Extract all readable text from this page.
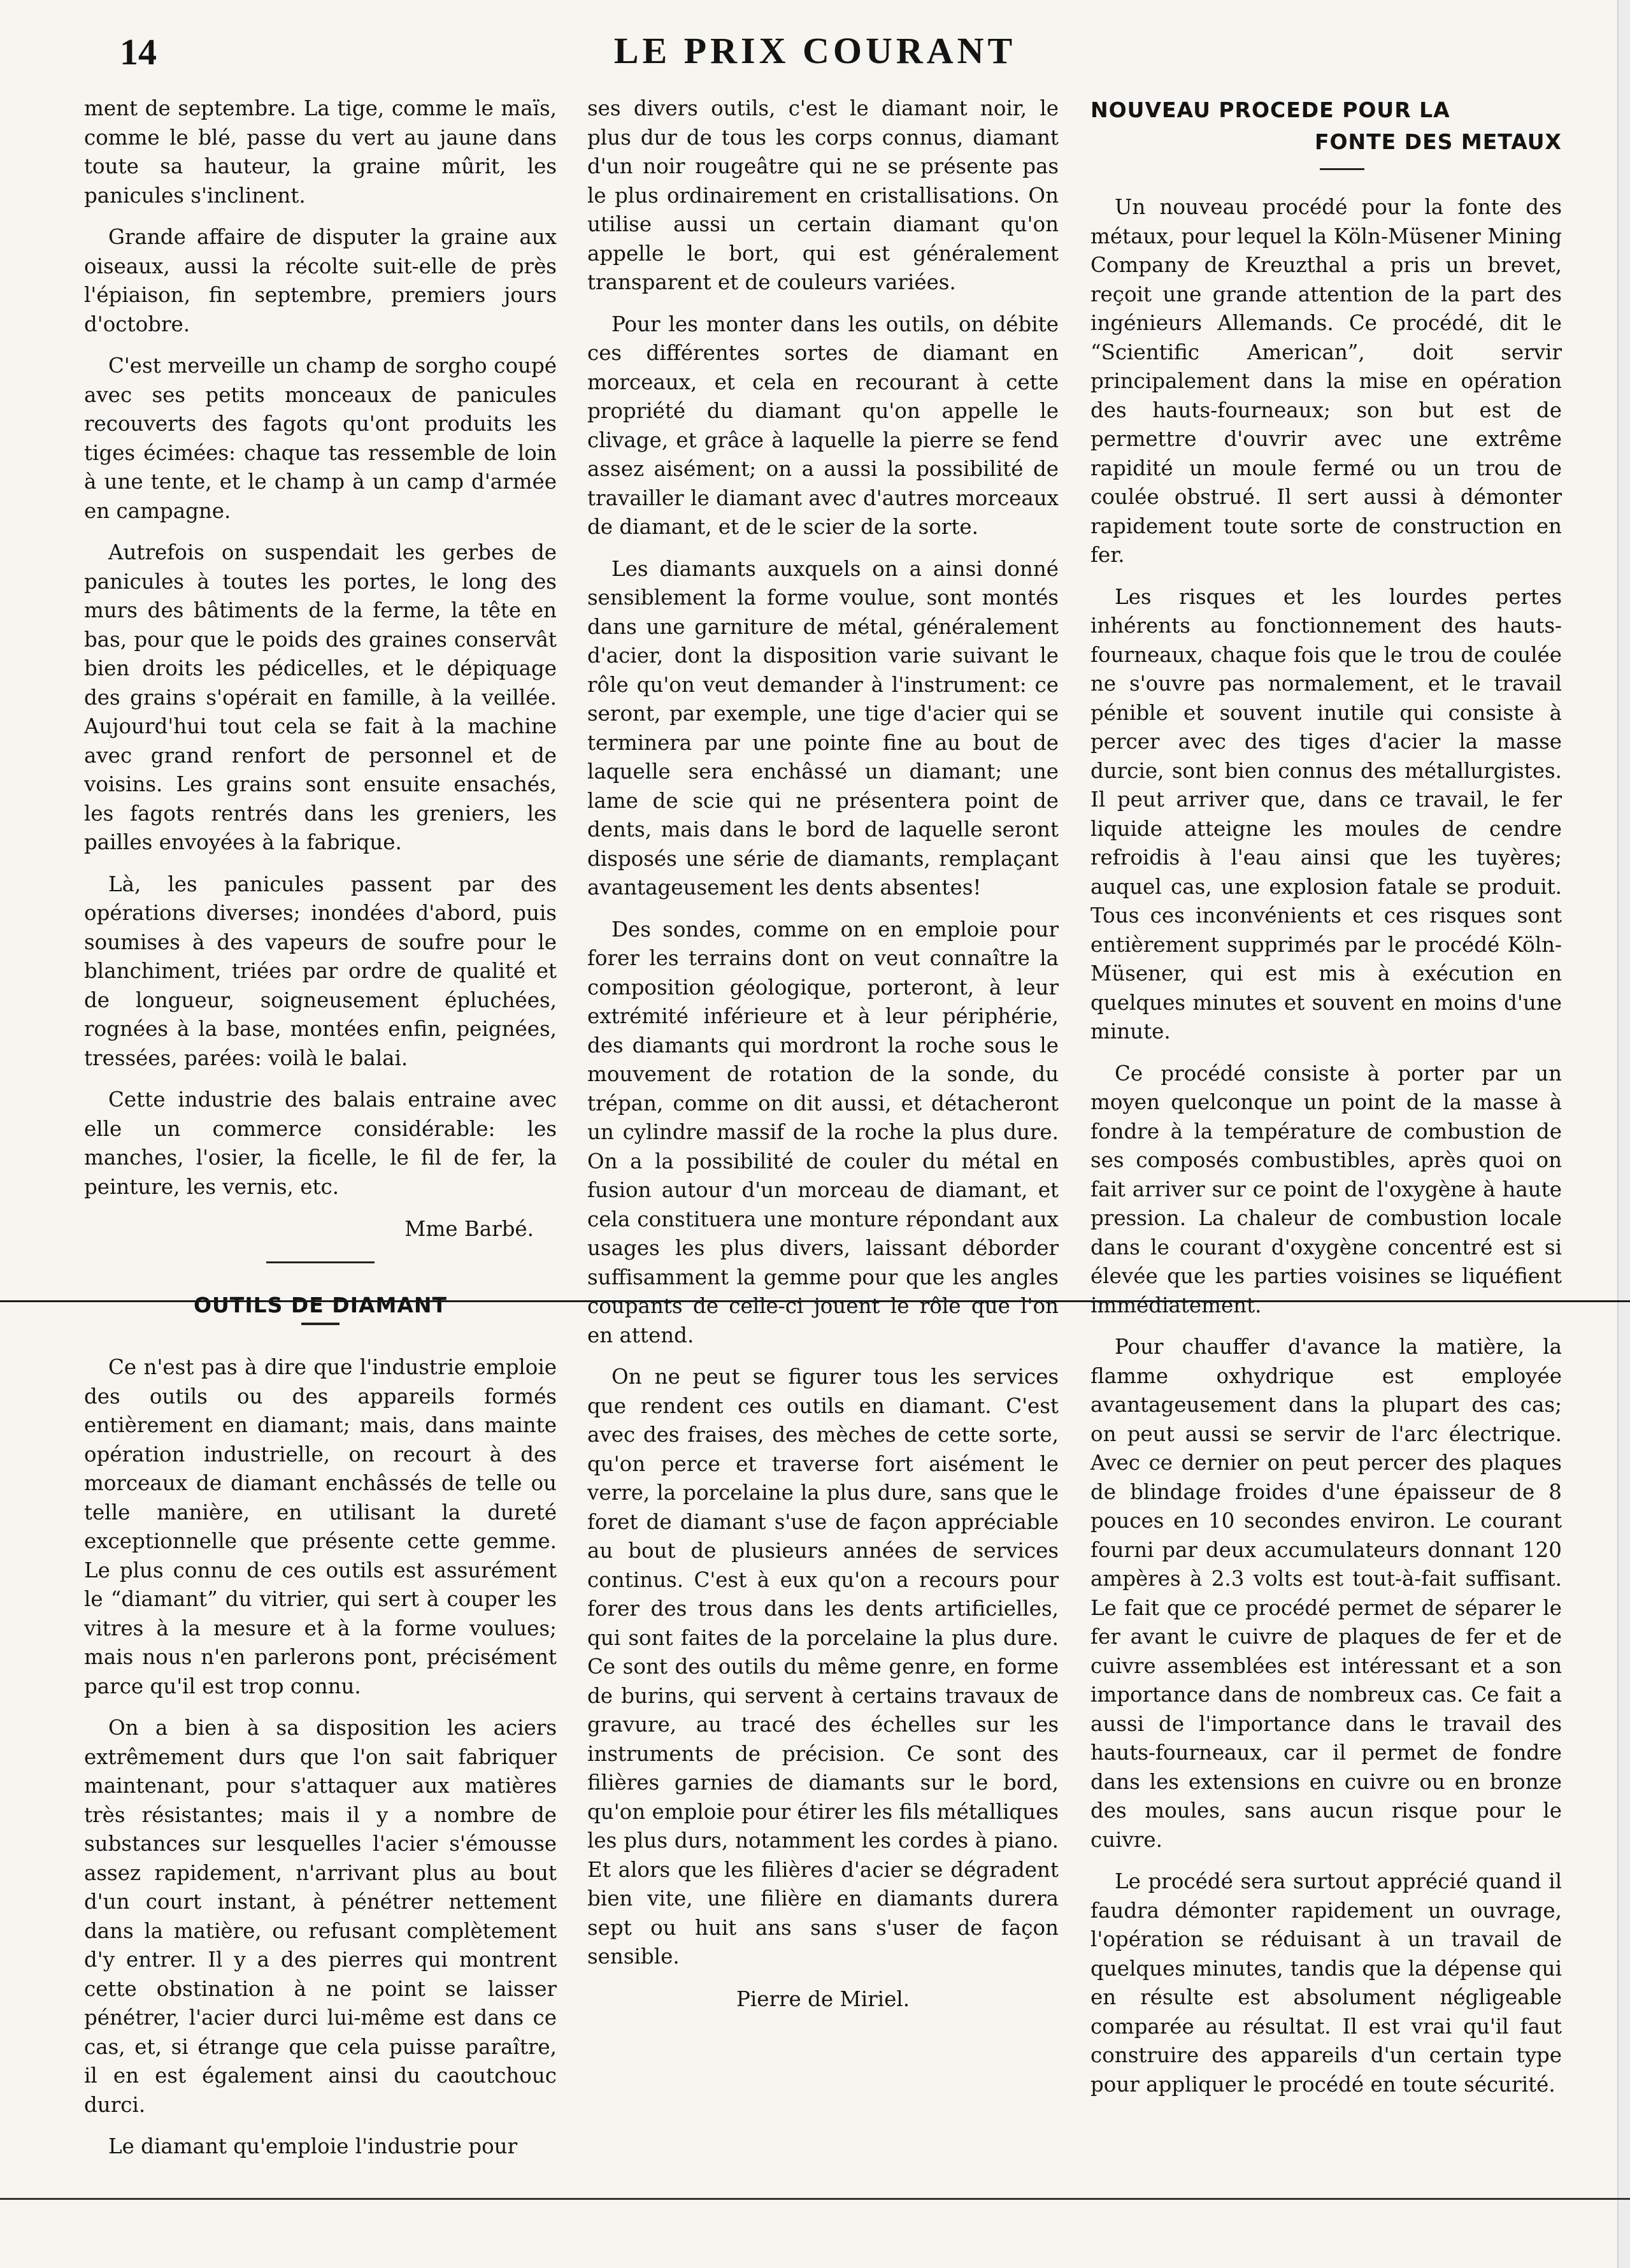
14	LE PRIX COURANT

ment de septembre. La tige, comme le maïs, comme le blé, passe du vert au jaune dans toute sa hauteur, la graine mûrit, les panicules s'inclinent.

Grande affaire de disputer la graine aux oiseaux, aussi la récolte suit-elle de près l'épiaison, fin septembre, premiers jours d'octobre.

C'est merveille un champ de sorgho coupé avec ses petits monceaux de panicules recouverts des fagots qu'ont produits les tiges écimées: chaque tas ressemble de loin à une tente, et le champ à un camp d'armée en campagne.

Autrefois on suspendait les gerbes de panicules à toutes les portes, le long des murs des bâtiments de la ferme, la tête en bas, pour que le poids des graines conservât bien droits les pédicelles, et le dépiquage des grains s'opérait en famille, à la veillée. Aujourd'hui tout cela se fait à la machine avec grand renfort de personnel et de voisins. Les grains sont ensuite ensachés, les fagots rentrés dans les greniers, les pailles envoyées à la fabrique.

Là, les panicules passent par des opérations diverses; inondées d'abord, puis soumises à des vapeurs de soufre pour le blanchiment, triées par ordre de qualité et de longueur, soigneusement épluchées, rognées à la base, montées enfin, peignées, tressées, parées: voilà le balai.

Cette industrie des balais entraine avec elle un commerce considérable: les manches, l'osier, la ficelle, le fil de fer, la peinture, les vernis, etc.

Mme Barbé.
OUTILS DE DIAMANT

Ce n'est pas à dire que l'industrie emploie des outils ou des appareils formés entièrement en diamant; mais, dans mainte opération industrielle, on recourt à des morceaux de diamant enchâssés de telle ou telle manière, en utilisant la dureté exceptionnelle que présente cette gemme. Le plus connu de ces outils est assurément le “diamant” du vitrier, qui sert à couper les vitres à la mesure et à la forme voulues; mais nous n'en parlerons pont, précisément parce qu'il est trop connu.

On a bien à sa disposition les aciers extrêmement durs que l'on sait fabriquer maintenant, pour s'attaquer aux matières très résistantes; mais il y a nombre de substances sur lesquelles l'acier s'émousse assez rapidement, n'arrivant plus au bout d'un court instant, à pénétrer nettement dans la matière, ou refusant complètement d'y entrer. Il y a des pierres qui montrent cette obstination à ne point se laisser pénétrer, l'acier durci lui-même est dans ce cas, et, si étrange que cela puisse paraître, il en est également ainsi du caoutchouc durci.

Le diamant qu'emploie l'industrie pour

ses divers outils, c'est le diamant noir, le plus dur de tous les corps connus, diamant d'un noir rougeâtre qui ne se présente pas le plus ordinairement en cristallisations. On utilise aussi un certain diamant qu'on appelle le bort, qui est généralement transparent et de couleurs variées.

Pour les monter dans les outils, on débite ces différentes sortes de diamant en morceaux, et cela en recourant à cette propriété du diamant qu'on appelle le clivage, et grâce à laquelle la pierre se fend assez aisément; on a aussi la possibilité de travailler le diamant avec d'autres morceaux de diamant, et de le scier de la sorte.

Les diamants auxquels on a ainsi donné sensiblement la forme voulue, sont montés dans une garniture de métal, généralement d'acier, dont la disposition varie suivant le rôle qu'on veut demander à l'instrument: ce seront, par exemple, une tige d'acier qui se terminera par une pointe fine au bout de laquelle sera enchâssé un diamant; une lame de scie qui ne présentera point de dents, mais dans le bord de laquelle seront disposés une série de diamants, remplaçant avantageusement les dents absentes!

Des sondes, comme on en emploie pour forer les terrains dont on veut connaître la composition géologique, porteront, à leur extrémité inférieure et à leur périphérie, des diamants qui mordront la roche sous le mouvement de rotation de la sonde, du trépan, comme on dit aussi, et détacheront un cylindre massif de la roche la plus dure. On a la possibilité de couler du métal en fusion autour d'un morceau de diamant, et cela constituera une monture répondant aux usages les plus divers, laissant déborder suffisamment la gemme pour que les angles coupants de celle-ci jouent le rôle que l'on en attend.

On ne peut se figurer tous les services que rendent ces outils en diamant. C'est avec des fraises, des mèches de cette sorte, qu'on perce et traverse fort aisément le verre, la porcelaine la plus dure, sans que le foret de diamant s'use de façon appréciable au bout de plusieurs années de services continus. C'est à eux qu'on a recours pour forer des trous dans les dents artificielles, qui sont faites de la porcelaine la plus dure. Ce sont des outils du même genre, en forme de burins, qui servent à certains travaux de gravure, au tracé des échelles sur les instruments de précision. Ce sont des filières garnies de diamants sur le bord, qu'on emploie pour étirer les fils métalliques les plus durs, notamment les cordes à piano. Et alors que les filières d'acier se dégradent bien vite, une filière en diamants durera sept ou huit ans sans s'user de façon sensible.

Pierre de Miriel.
NOUVEAU PROCEDE POUR LA
FONTE DES METAUX

Un nouveau procédé pour la fonte des métaux, pour lequel la Köln-Müsener Mining Company de Kreuzthal a pris un brevet, reçoit une grande attention de la part des ingénieurs Allemands. Ce procédé, dit le “Scientific American”, doit servir principalement dans la mise en opération des hauts-fourneaux; son but est de permettre d'ouvrir avec une extrême rapidité un moule fermé ou un trou de coulée obstrué. Il sert aussi à démonter rapidement toute sorte de construction en fer.

Les risques et les lourdes pertes inhérents au fonctionnement des hauts-fourneaux, chaque fois que le trou de coulée ne s'ouvre pas normalement, et le travail pénible et souvent inutile qui consiste à percer avec des tiges d'acier la masse durcie, sont bien connus des métallurgistes. Il peut arriver que, dans ce travail, le fer liquide atteigne les moules de cendre refroidis à l'eau ainsi que les tuyères; auquel cas, une explosion fatale se produit. Tous ces inconvénients et ces risques sont entièrement supprimés par le procédé Köln-Müsener, qui est mis à exécution en quelques minutes et souvent en moins d'une minute.

Ce procédé consiste à porter par un moyen quelconque un point de la masse à fondre à la température de combustion de ses composés combustibles, après quoi on fait arriver sur ce point de l'oxygène à haute pression. La chaleur de combustion locale dans le courant d'oxygène concentré est si élevée que les parties voisines se liquéfient immédiatement.

Pour chauffer d'avance la matière, la flamme oxhydrique est employée avantageusement dans la plupart des cas; on peut aussi se servir de l'arc électrique. Avec ce dernier on peut percer des plaques de blindage froides d'une épaisseur de 8 pouces en 10 secondes environ. Le courant fourni par deux accumulateurs donnant 120 ampères à 2.3 volts est tout-à-fait suffisant. Le fait que ce procédé permet de séparer le fer avant le cuivre de plaques de fer et de cuivre assemblées est intéressant et a son importance dans de nombreux cas. Ce fait a aussi de l'importance dans le travail des hauts-fourneaux, car il permet de fondre dans les extensions en cuivre ou en bronze des moules, sans aucun risque pour le cuivre.

Le procédé sera surtout apprécié quand il faudra démonter rapidement un ouvrage, l'opération se réduisant à un travail de quelques minutes, tandis que la dépense qui en résulte est absolument négligeable comparée au résultat. Il est vrai qu'il faut construire des appareils d'un certain type pour appliquer le procédé en toute sécurité.
